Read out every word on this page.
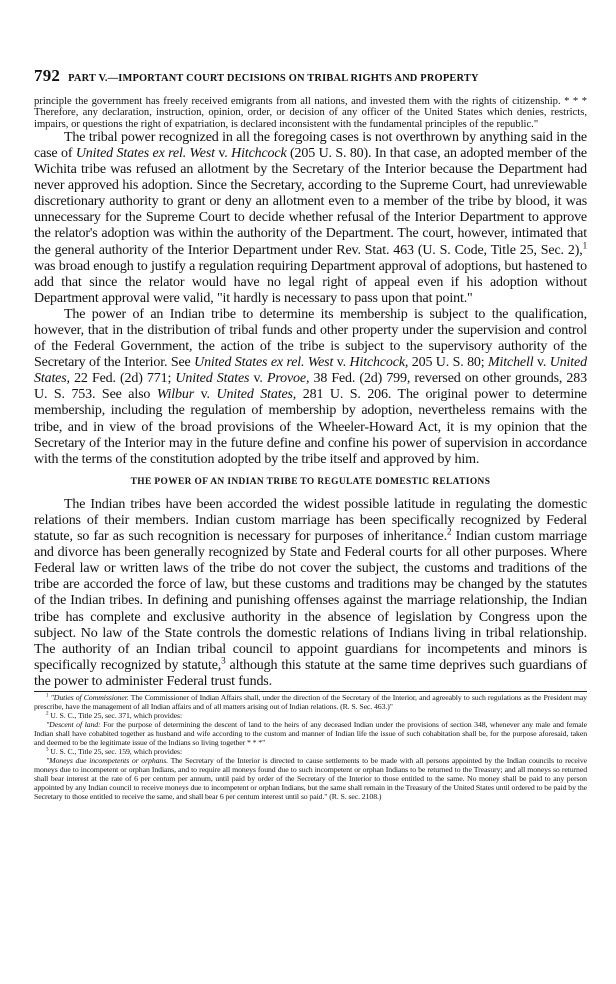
792 PART V.—IMPORTANT COURT DECISIONS ON TRIBAL RIGHTS AND PROPERTY

principle the government has freely received emigrants from all nations, and invested them with the rights of citizenship. * * * Therefore, any declaration, instruction, opinion, order, or decision of any officer of the United States which denies, restricts, impairs, or questions the right of expatriation, is declared inconsistent with the fundamental principles of the republic."

The tribal power recognized in all the foregoing cases is not overthrown by anything said in the case of United States ex rel. West v. Hitchcock (205 U. S. 80). In that case, an adopted member of the Wichita tribe was refused an allotment by the Secretary of the Interior because the Department had never approved his adoption. Since the Secretary, according to the Supreme Court, had unreviewable discretionary authority to grant or deny an allotment even to a member of the tribe by blood, it was unnecessary for the Supreme Court to decide whether refusal of the Interior Department to approve the relator's adoption was within the authority of the Department. The court, however, intimated that the general authority of the Interior Department under Rev. Stat. 463 (U. S. Code, Title 25, Sec. 2),$^1$ was broad enough to justify a regulation requiring Department approval of adoptions, but hastened to add that since the relator would have no legal right of appeal even if his adoption without Department approval were valid, "it hardly is necessary to pass upon that point."

The power of an Indian tribe to determine its membership is subject to the qualification, however, that in the distribution of tribal funds and other property under the supervision and control of the Federal Government, the action of the tribe is subject to the supervisory authority of the Secretary of the Interior. See United States ex rel. West v. Hitchcock, 205 U. S. 80; Mitchell v. United States, 22 Fed. (2d) 771; United States v. Provoe, 38 Fed. (2d) 799, reversed on other grounds, 283 U. S. 753. See also Wilbur v. United States, 281 U. S. 206. The original power to determine membership, including the regulation of membership by adoption, nevertheless remains with the tribe, and in view of the broad provisions of the Wheeler-Howard Act, it is my opinion that the Secretary of the Interior may in the future define and confine his power of supervision in accordance with the terms of the constitution adopted by the tribe itself and approved by him.

THE POWER OF AN INDIAN TRIBE TO REGULATE DOMESTIC RELATIONS

The Indian tribes have been accorded the widest possible latitude in regulating the domestic relations of their members. Indian custom marriage has been specifically recognized by Federal statute, so far as such recognition is necessary for purposes of inheritance.$^2$ Indian custom marriage and divorce has been generally recognized by State and Federal courts for all other purposes. Where Federal law or written laws of the tribe do not cover the subject, the customs and traditions of the tribe are accorded the force of law, but these customs and traditions may be changed by the statutes of the Indian tribes. In defining and punishing offenses against the marriage relationship, the Indian tribe has complete and exclusive authority in the absence of legislation by Congress upon the subject. No law of the State controls the domestic relations of Indians living in tribal relationship. The authority of an Indian tribal council to appoint guardians for incompetents and minors is specifically recognized by statute,$^3$ although this statute at the same time deprives such guardians of the power to administer Federal trust funds.

$^1$ "Duties of Commissioner. The Commissioner of Indian Affairs shall, under the direction of the Secretary of the Interior, and agreeably to such regulations as the President may prescribe, have the management of all Indian affairs and of all matters arising out of Indian relations. (R. S. Sec. 463.)"

$^2$ U. S. C., Title 25, sec. 371, which provides:

"Descent of land: For the purpose of determining the descent of land to the heirs of any deceased Indian under the provisions of section 348, whenever any male and female Indian shall have cohabited together as husband and wife according to the custom and manner of Indian life the issue of such cohabitation shall be, for the purpose aforesaid, taken and deemed to be the legitimate issue of the Indians so living together * * *"

$^3$ U. S. C., Title 25, sec. 159, which provides:

"Moneys due incompetents or orphans. The Secretary of the Interior is directed to cause settlements to be made with all persons appointed by the Indian councils to receive moneys due to incompetent or orphan Indians, and to require all moneys found due to such incompetent or orphan Indians to be returned to the Treasury; and all moneys so returned shall bear interest at the rate of 6 per centum per annum, until paid by order of the Secretary of the Interior to those entitled to the same. No money shall be paid to any person appointed by any Indian council to receive moneys due to incompetent or orphan Indians, but the same shall remain in the Treasury of the United States until ordered to be paid by the Secretary to those entitled to receive the same, and shall bear 6 per centum interest until so paid." (R. S. sec. 2108.)
